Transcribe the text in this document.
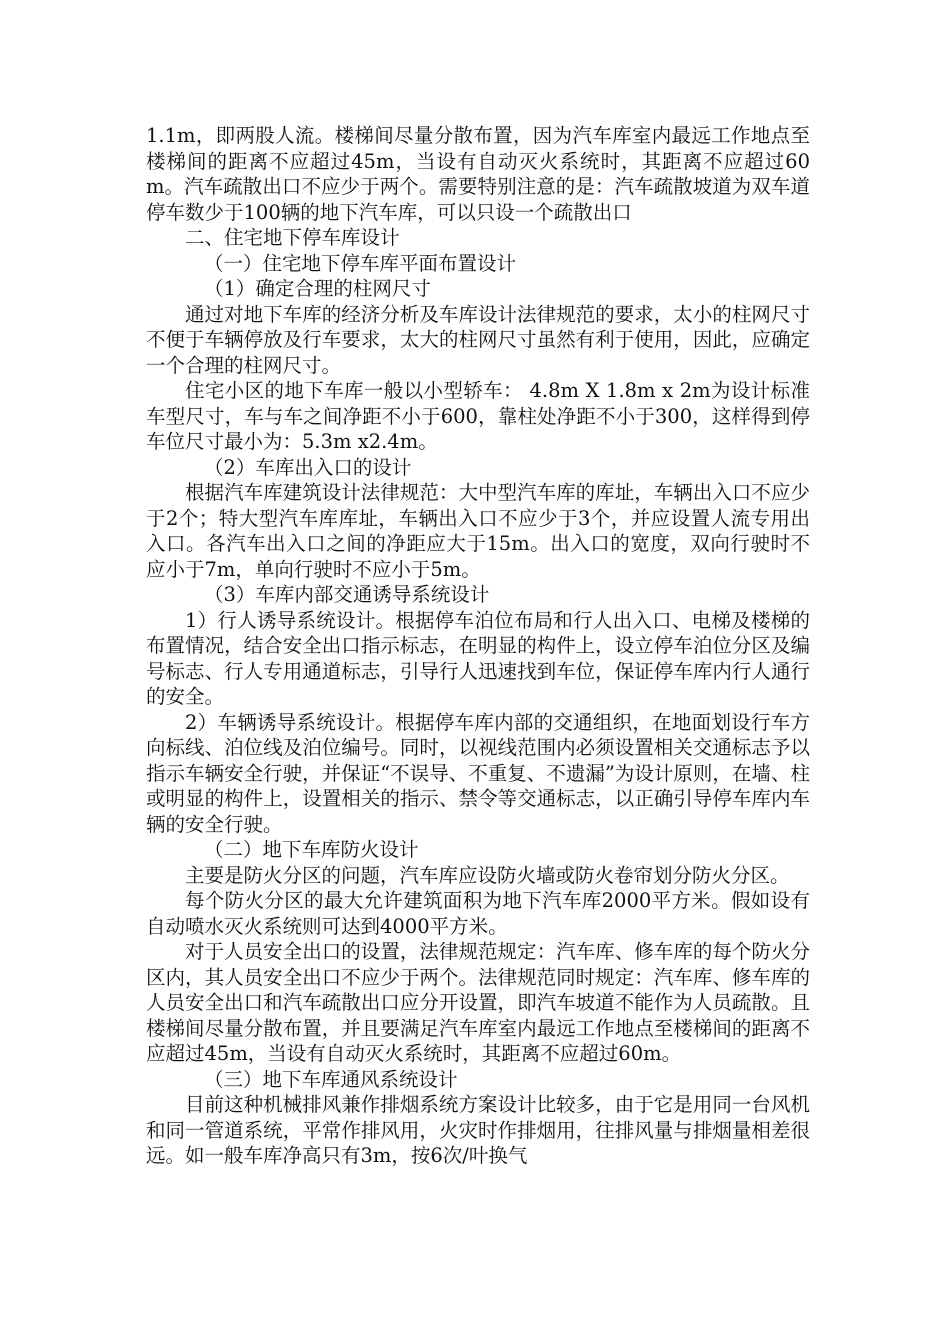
1.1m，即两股人流。楼梯间尽量分散布置，因为汽车库室内最远工作地点至楼梯间的距离不应超过45m，当设有自动灭火系统时，其距离不应超过60m。汽车疏散出口不应少于两个。需要特别注意的是：汽车疏散坡道为双车道停车数少于100辆的地下汽车库，可以只设一个疏散出口

二、住宅地下停车库设计

（一）住宅地下停车库平面布置设计

（1）确定合理的柱网尺寸

通过对地下车库的经济分析及车库设计法律规范的要求，太小的柱网尺寸不便于车辆停放及行车要求，太大的柱网尺寸虽然有利于使用，因此，应确定一个合理的柱网尺寸。

住宅小区的地下车库一般以小型轿车： 4.8m X 1.8m x 2m为设计标准车型尺寸，车与车之间净距不小于600，靠柱处净距不小于300，这样得到停车位尺寸最小为：5.3m x2.4m。

（2）车库出入口的设计

根据汽车库建筑设计法律规范：大中型汽车库的库址，车辆出入口不应少于2个；特大型汽车库库址，车辆出入口不应少于3个，并应设置人流专用出入口。各汽车出入口之间的净距应大于15m。出入口的宽度，双向行驶时不应小于7m，单向行驶时不应小于5m。

（3）车库内部交通诱导系统设计

1）行人诱导系统设计。根据停车泊位布局和行人出入口、电梯及楼梯的布置情况，结合安全出口指示标志，在明显的构件上，设立停车泊位分区及编号标志、行人专用通道标志，引导行人迅速找到车位，保证停车库内行人通行的安全。

2）车辆诱导系统设计。根据停车库内部的交通组织，在地面划设行车方向标线、泊位线及泊位编号。同时，以视线范围内必须设置相关交通标志予以指示车辆安全行驶，并保证“不误导、不重复、不遗漏”为设计原则，在墙、柱或明显的构件上，设置相关的指示、禁令等交通标志，以正确引导停车库内车辆的安全行驶。

（二）地下车库防火设计

主要是防火分区的问题，汽车库应设防火墙或防火卷帘划分防火分区。

每个防火分区的最大允许建筑面积为地下汽车库2000平方米。假如设有自动喷水灭火系统则可达到4000平方米。

对于人员安全出口的设置，法律规范规定：汽车库、修车库的每个防火分区内，其人员安全出口不应少于两个。法律规范同时规定：汽车库、修车库的人员安全出口和汽车疏散出口应分开设置，即汽车坡道不能作为人员疏散。且楼梯间尽量分散布置，并且要满足汽车库室内最远工作地点至楼梯间的距离不应超过45m，当设有自动灭火系统时，其距离不应超过60m。

（三）地下车库通风系统设计

目前这种机械排风兼作排烟系统方案设计比较多，由于它是用同一台风机和同一管道系统，平常作排风用，火灾时作排烟用，往排风量与排烟量相差很远。如一般车库净高只有3m，按6次/叶换气
